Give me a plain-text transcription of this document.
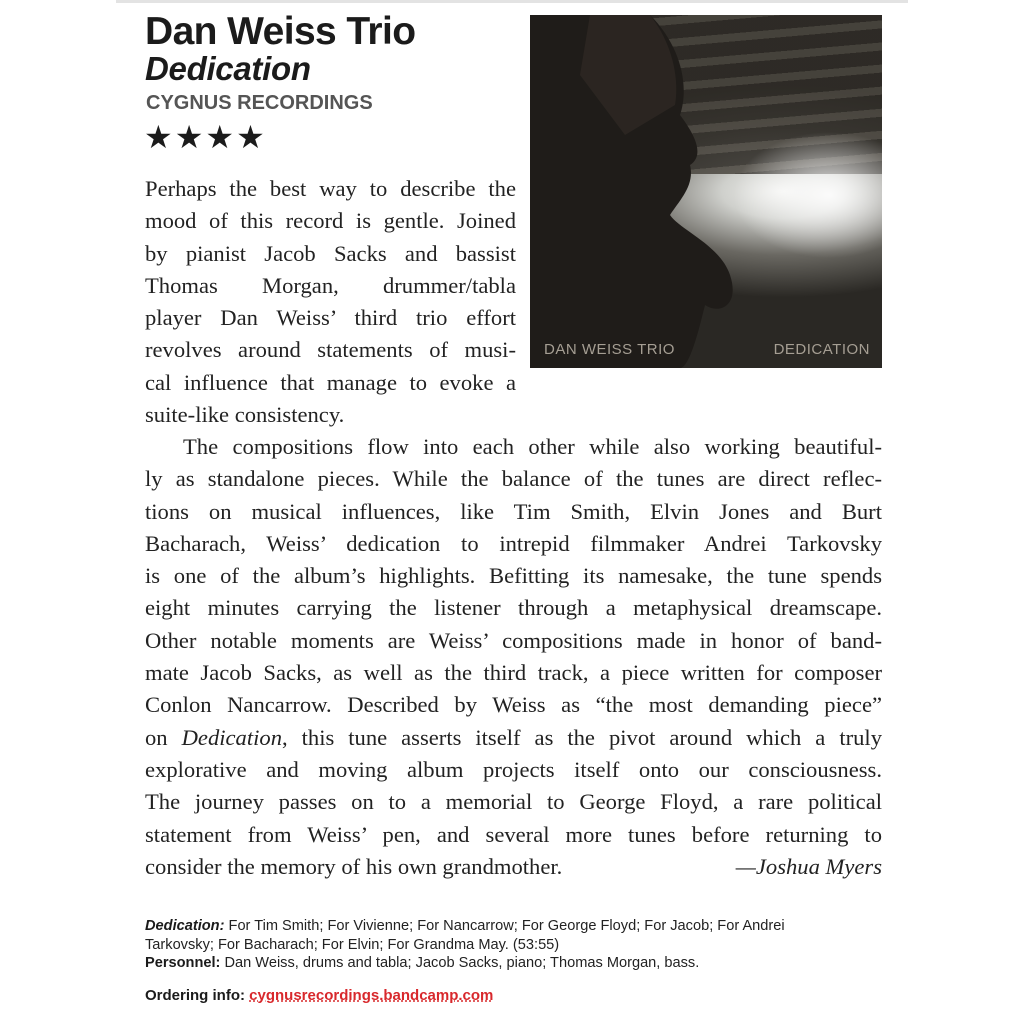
Dan Weiss Trio
Dedication
CYGNUS RECORDINGS
★★★★
DAN WEISS TRIO	DEDICATION
Perhaps the best way to describe the
mood of this record is gentle. Joined
by pianist Jacob Sacks and bassist
Thomas Morgan, drummer/tabla
player Dan Weiss’ third trio effort
revolves around statements of musi-
cal influence that manage to evoke a
suite-like consistency.
The compositions flow into each other while also working beautiful-
ly as standalone pieces. While the balance of the tunes are direct reflec-
tions on musical influences, like Tim Smith, Elvin Jones and Burt
Bacharach, Weiss’ dedication to intrepid filmmaker Andrei Tarkovsky
is one of the album’s highlights. Befitting its namesake, the tune spends
eight minutes carrying the listener through a metaphysical dreamscape.
Other notable moments are Weiss’ compositions made in honor of band-
mate Jacob Sacks, as well as the third track, a piece written for composer
Conlon Nancarrow. Described by Weiss as “the most demanding piece”
on Dedication, this tune asserts itself as the pivot around which a truly
explorative and moving album projects itself onto our consciousness.
The journey passes on to a memorial to George Floyd, a rare political
statement from Weiss’ pen, and several more tunes before returning to
consider the memory of his own grandmother.	—Joshua Myers
Dedication: For Tim Smith; For Vivienne; For Nancarrow; For George Floyd; For Jacob; For Andrei
Tarkovsky; For Bacharach; For Elvin; For Grandma May. (53:55)
Personnel: Dan Weiss, drums and tabla; Jacob Sacks, piano; Thomas Morgan, bass.
Ordering info: cygnusrecordings.bandcamp.com
